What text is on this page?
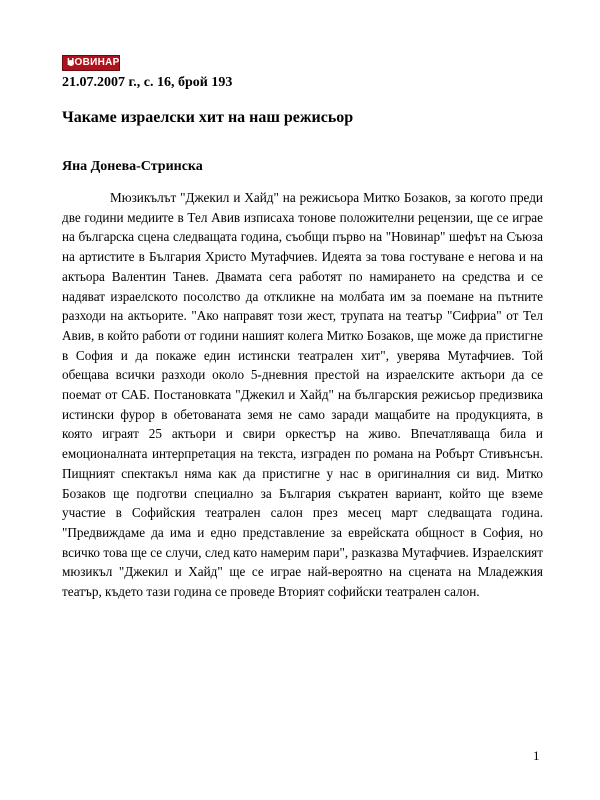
НОВИНАР
21.07.2007 г., с. 16, брой 193
Чакаме израелски хит на наш режисьор
Яна Донева-Стринска

Мюзикълът "Джекил и Хайд" на режисьора Митко Бозаков, за когото преди две години медиите в Тел Авив изписаха тонове положителни рецензии, ще се играе на българска сцена следващата година, съобщи първо на "Новинар" шефът на Съюза на артистите в България Христо Мутафчиев. Идеята за това гостуване е негова и на актьора Валентин Танев. Двамата сега работят по намирането на средства и се надяват израелското посолство да откликне на молбата им за поемане на пътните разходи на актьорите. "Ако направят този жест, трупата на театър "Сифриа" от Тел Авив, в който работи от години нашият колега Митко Бозаков, ще може да пристигне в София и да покаже един истински театрален хит", уверява Мутафчиев. Той обещава всички разходи около 5-дневния престой на израелските актьори да се поемат от САБ. Постановката "Джекил и Хайд" на българския режисьор предизвика истински фурор в обетованата земя не само заради мащабите на продукцията, в която играят 25 актьори и свири оркестър на живо. Впечатляваща била и емоционалната интерпретация на текста, изграден по романа на Робърт Стивънсън. Пищният спектакъл няма как да пристигне у нас в оригиналния си вид. Митко Бозаков ще подготви специално за България съкратен вариант, който ще вземе участие в Софийския театрален салон през месец март следващата година. "Предвиждаме да има и едно представление за еврейската общност в София, но всичко това ще се случи, след като намерим пари", разказва Мутафчиев. Израелският мюзикъл "Джекил и Хайд" ще се играе най-вероятно на сцената на Младежкия театър, където тази година се проведе Вторият софийски театрален салон.

1
